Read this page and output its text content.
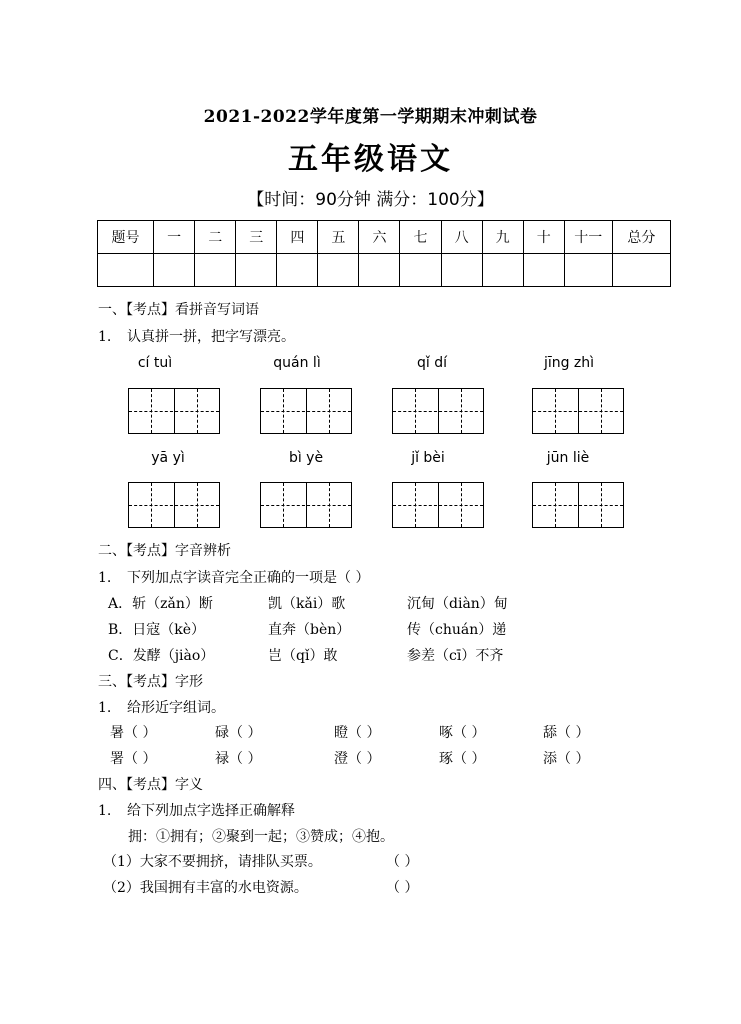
2021-2022学年度第一学期期末冲刺试卷
五年级语文
【时间：90分钟 满分：100分】
题号	一	二	三	四	五	六	七	八	九	十	十一	总分

一、【考点】看拼音写词语
1. 认真拼一拼，把字写漂亮。
cí tuì	quán lì	qǐ dí	jīng zhì
yā yì	bì yè	jǐ bèi	jūn liè
二、【考点】字音辨析
1. 下列加点字读音完全正确的一项是（ ）
A．斩（zǎn）断	凯（kǎi）歌	沉甸（diàn）甸
B．日寇（kè）	直奔（bèn）	传（chuán）递
C．发酵（jiào）	岂（qǐ）敢	参差（cī）不齐
三、【考点】字形
1. 给形近字组词。
暑（ ）	碌（ ）	瞪（ ）	啄（ ）	舔（ ）
署（ ）	禄（ ）	澄（ ）	琢（ ）	添（ ）
四、【考点】字义
1. 给下列加点字选择正确解释
拥：①拥有；②聚到一起；③赞成；④抱。
（1）大家不要拥挤，请排队买票。	（ ）
（2）我国拥有丰富的水电资源。	（ ）
